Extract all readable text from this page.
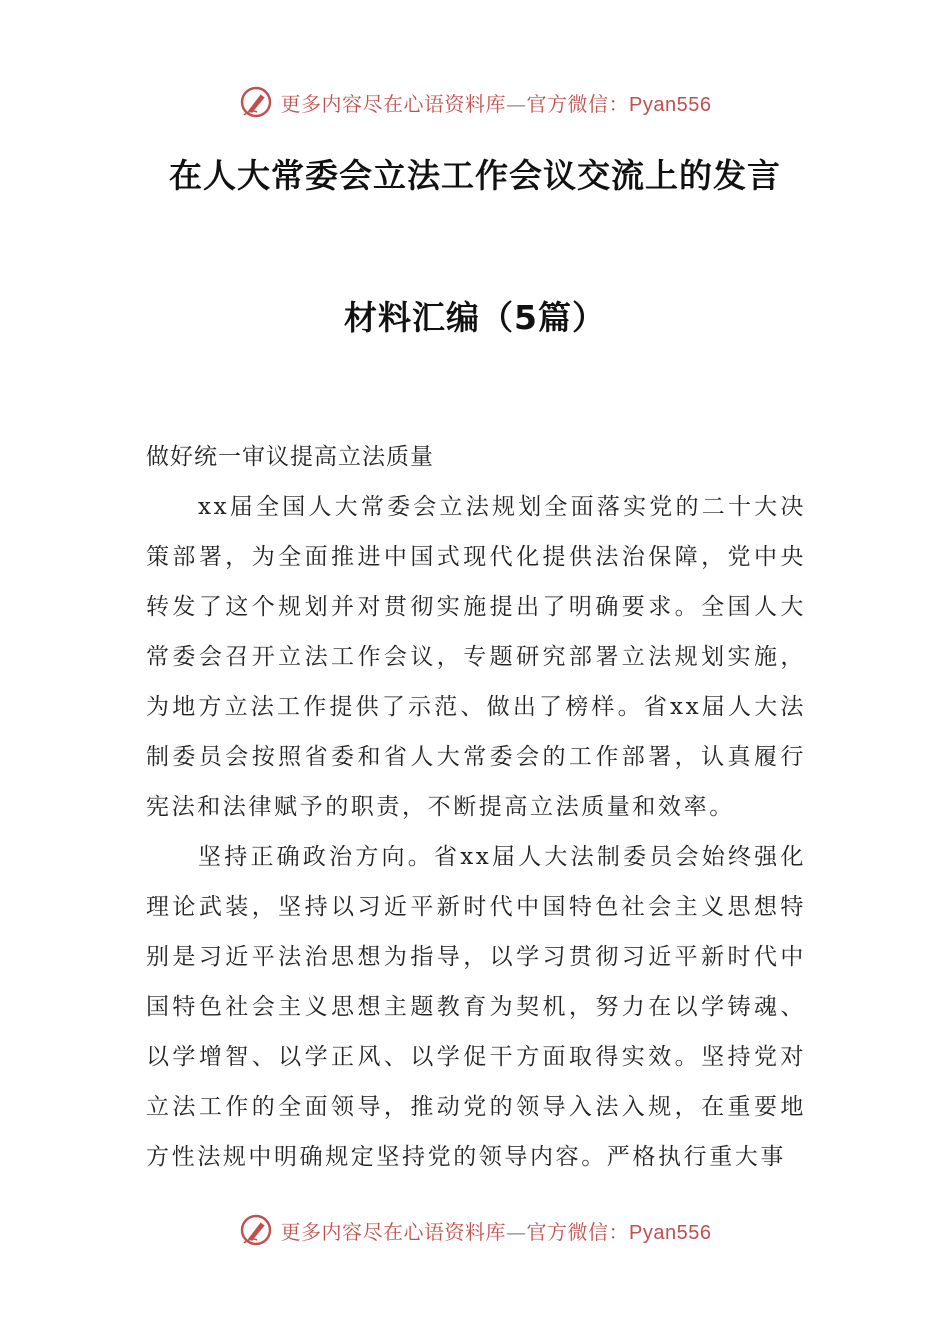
更多内容尽在心语资料库—官方微信：Pyan556
在人大常委会立法工作会议交流上的发言
材料汇编（5篇）

做好统一审议提高立法质量

xx届全国人大常委会立法规划全面落实党的二十大决策部署，为全面推进中国式现代化提供法治保障，党中央转发了这个规划并对贯彻实施提出了明确要求。全国人大常委会召开立法工作会议，专题研究部署立法规划实施，为地方立法工作提供了示范、做出了榜样。省xx届人大法制委员会按照省委和省人大常委会的工作部署，认真履行宪法和法律赋予的职责，不断提高立法质量和效率。

坚持正确政治方向。省xx届人大法制委员会始终强化理论武装，坚持以习近平新时代中国特色社会主义思想特别是习近平法治思想为指导，以学习贯彻习近平新时代中国特色社会主义思想主题教育为契机，努力在以学铸魂、以学增智、以学正风、以学促干方面取得实效。坚持党对立法工作的全面领导，推动党的领导入法入规，在重要地方性法规中明确规定坚持党的领导内容。严格执行重大事

更多内容尽在心语资料库—官方微信：Pyan556
